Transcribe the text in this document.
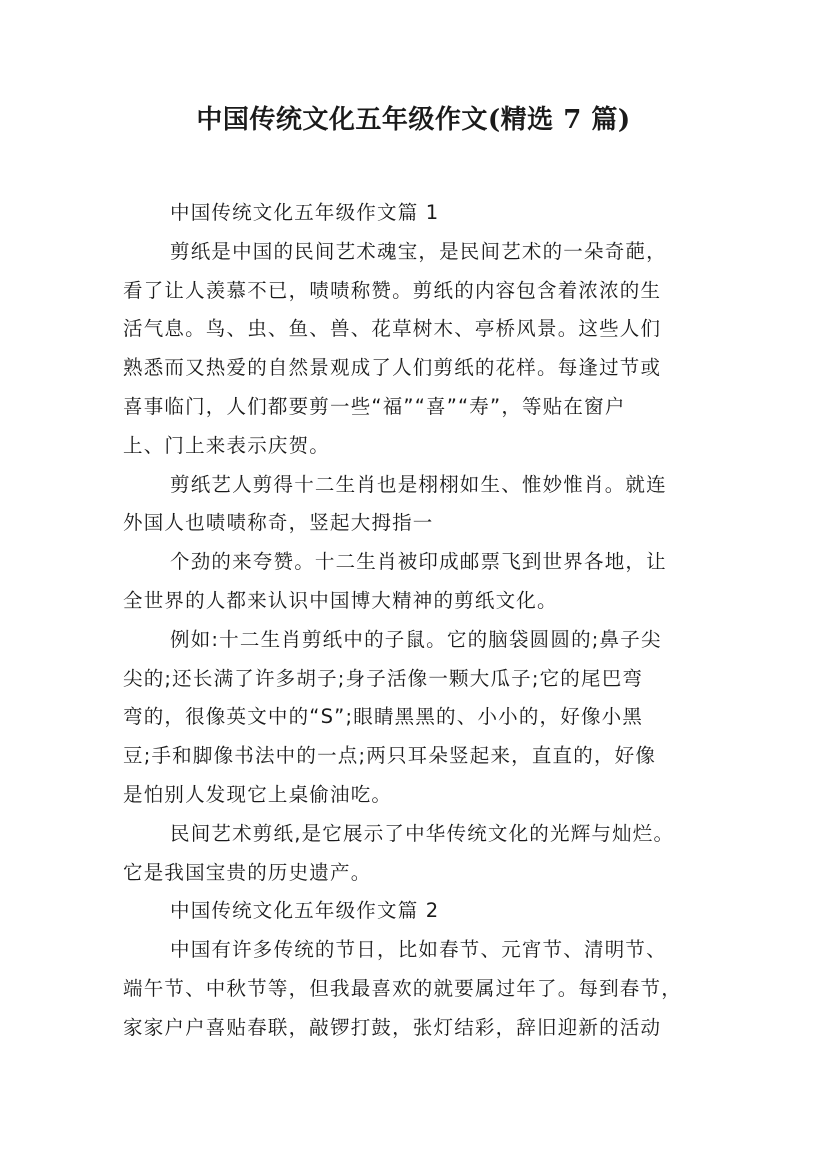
中国传统文化五年级作文(精选 7 篇)
中国传统文化五年级作文篇 1
剪纸是中国的民间艺术魂宝，是民间艺术的一朵奇葩，
看了让人羡慕不已，啧啧称赞。剪纸的内容包含着浓浓的生
活气息。鸟、虫、鱼、兽、花草树木、亭桥风景。这些人们
熟悉而又热爱的自然景观成了人们剪纸的花样。每逢过节或
喜事临门，人们都要剪一些“福”“喜”“寿”，等贴在窗户
上、门上来表示庆贺。
剪纸艺人剪得十二生肖也是栩栩如生、惟妙惟肖。就连
外国人也啧啧称奇，竖起大拇指一
个劲的来夸赞。十二生肖被印成邮票飞到世界各地，让
全世界的人都来认识中国博大精神的剪纸文化。
例如:十二生肖剪纸中的子鼠。它的脑袋圆圆的;鼻子尖
尖的;还长满了许多胡子;身子活像一颗大瓜子;它的尾巴弯
弯的，很像英文中的“S”;眼睛黑黑的、小小的，好像小黑
豆;手和脚像书法中的一点;两只耳朵竖起来，直直的，好像
是怕别人发现它上桌偷油吃。
民间艺术剪纸,是它展示了中华传统文化的光辉与灿烂。
它是我国宝贵的历史遗产。
中国传统文化五年级作文篇 2
中国有许多传统的节日，比如春节、元宵节、清明节、
端午节、中秋节等，但我最喜欢的就要属过年了。每到春节，
家家户户喜贴春联，敲锣打鼓，张灯结彩，辞旧迎新的活动
